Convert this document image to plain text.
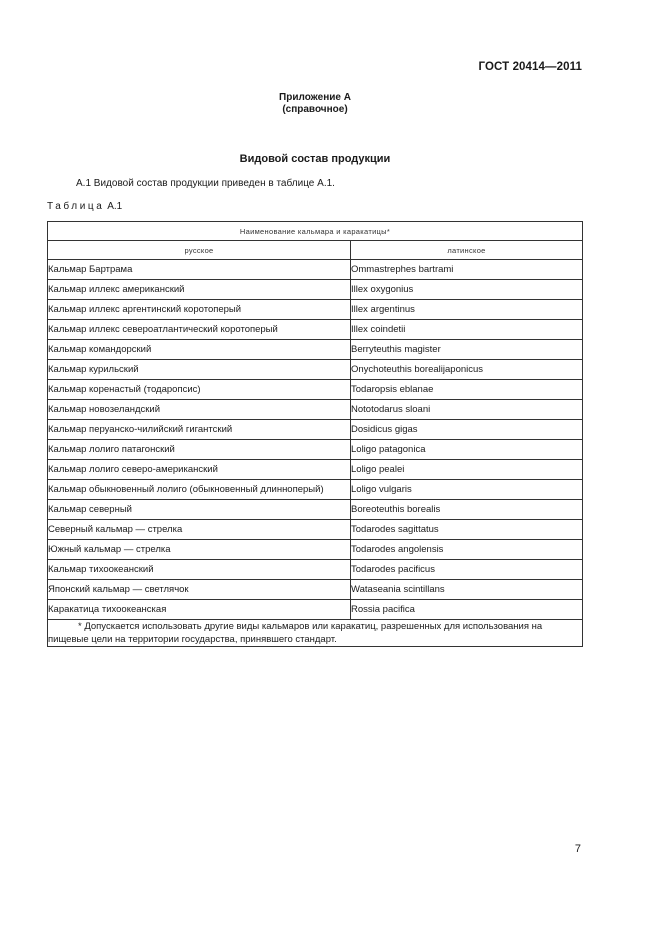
ГОСТ 20414—2011
Приложение А
(справочное)
Видовой состав продукции
А.1 Видовой состав продукции приведен в таблице А.1.
Таблица А.1
Наименование кальмара и каракатицы*	
русское	латинское
Кальмар Бартрама	Ommastrephes bartrami
Кальмар иллекс американский	Illex oxygonius
Кальмар иллекс аргентинский коротоперый	Illex argentinus
Кальмар иллекс североатлантический коротоперый	Illex coindetii
Кальмар командорский	Berryteuthis magister
Кальмар курильский	Onychoteuthis borealijaponicus
Кальмар коренастый (тодаропсис)	Todaropsis eblanae
Кальмар новозеландский	Nototodarus sloani
Кальмар перуанско-чилийский гигантский	Dosidicus gigas
Кальмар лолиго патагонский	Loligo patagonica
Кальмар лолиго северо-американский	Loligo pealei
Кальмар обыкновенный лолиго (обыкновенный длинноперый)	Loligo vulgaris
Кальмар северный	Boreoteuthis borealis
Северный кальмар — стрелка	Todarodes sagittatus
Южный кальмар — стрелка	Todarodes angolensis
Кальмар тихоокеанский	Todarodes pacificus
Японский кальмар — светлячок	Wataseania scintillans
Каракатица тихоокеанская	Rossia pacifica

* Допускается использовать другие виды кальмаров или каракатиц, разрешенных для использования на пищевые цели на территории государства, принявшего стандарт.	
7
